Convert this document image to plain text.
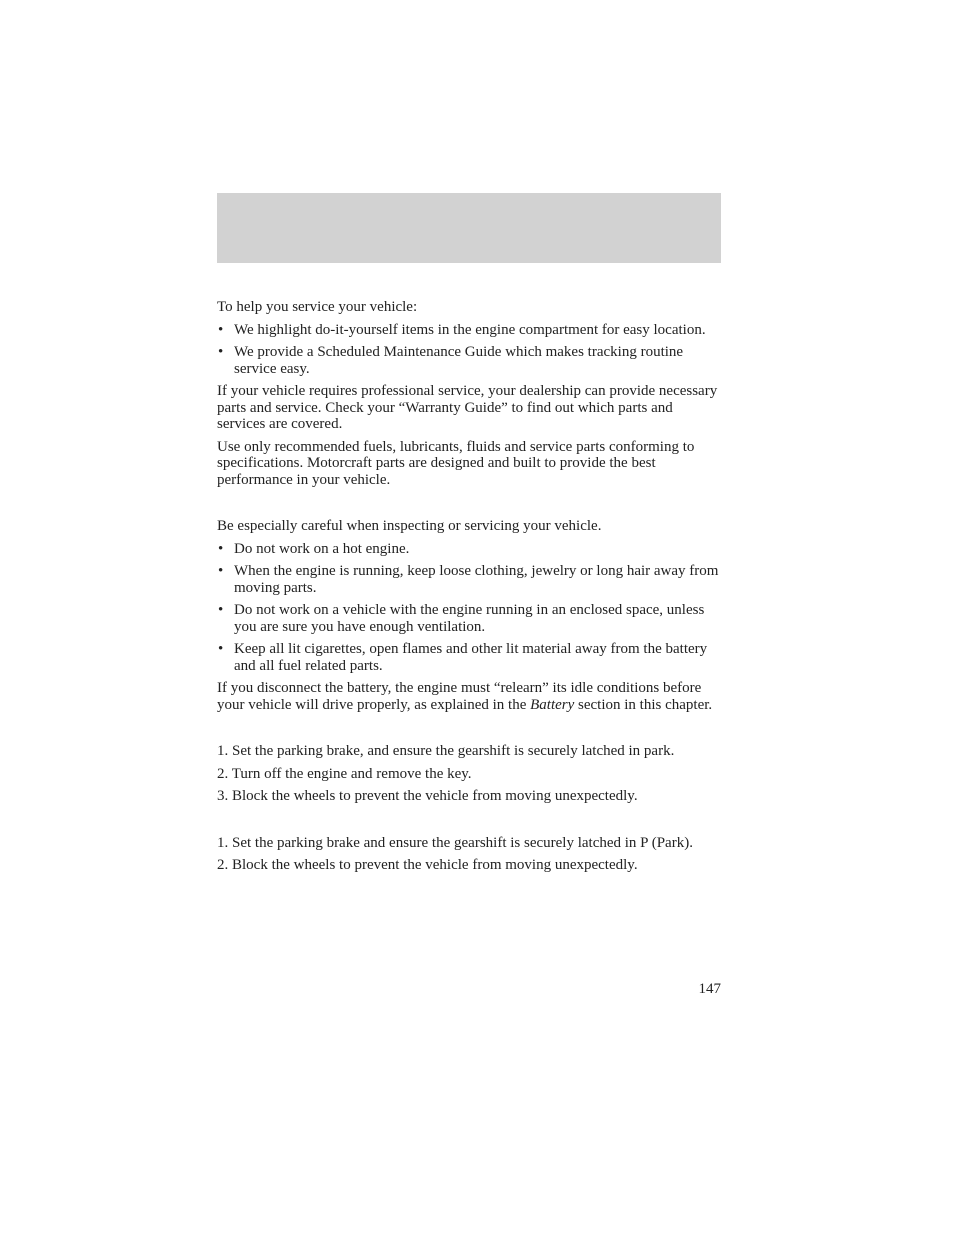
To help you service your vehicle:

• We highlight do-it-yourself items in the engine compartment for easy location.
• We provide a Scheduled Maintenance Guide which makes tracking routine service easy.

If your vehicle requires professional service, your dealership can provide necessary parts and service. Check your “Warranty Guide” to find out which parts and services are covered.

Use only recommended fuels, lubricants, fluids and service parts conforming to specifications. Motorcraft parts are designed and built to provide the best performance in your vehicle.

Be especially careful when inspecting or servicing your vehicle.

• Do not work on a hot engine.
• When the engine is running, keep loose clothing, jewelry or long hair away from moving parts.
• Do not work on a vehicle with the engine running in an enclosed space, unless you are sure you have enough ventilation.
• Keep all lit cigarettes, open flames and other lit material away from the battery and all fuel related parts.

If you disconnect the battery, the engine must “relearn” its idle conditions before your vehicle will drive properly, as explained in the Battery section in this chapter.

1. Set the parking brake, and ensure the gearshift is securely latched in park.
2. Turn off the engine and remove the key.
3. Block the wheels to prevent the vehicle from moving unexpectedly.
1. Set the parking brake and ensure the gearshift is securely latched in P (Park).
2. Block the wheels to prevent the vehicle from moving unexpectedly.
147
